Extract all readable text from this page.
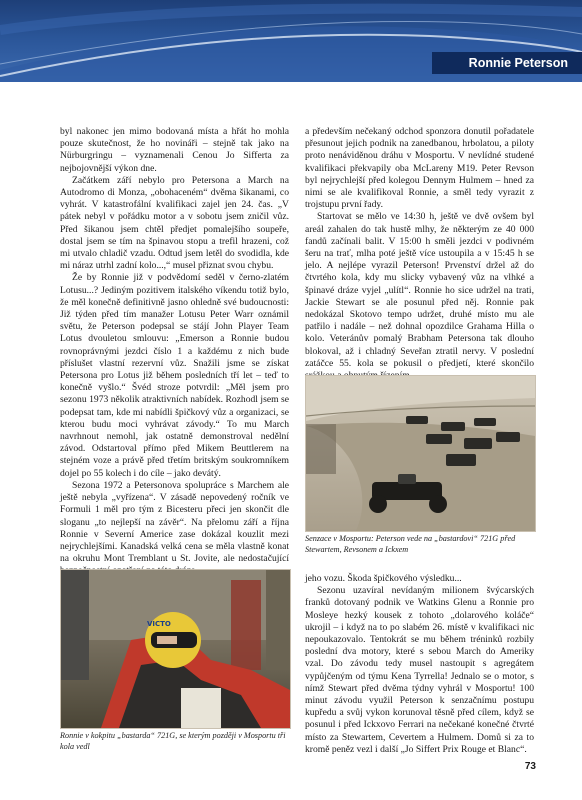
Ronnie Peterson

byl nakonec jen mimo bodovaná místa a hřát ho mohla pouze skutečnost, že ho novináři – stejně tak jako na Nürburgringu – vyznamenali Cenou Jo Sifferta za nejbojovnější výkon dne.

Začátkem září nebylo pro Petersona a March na Autodromo di Monza, „obohaceném“ dvěma šikanami, co vyhrát. V katastrofální kvalifikaci zajel jen 24. čas. „V pátek nebyl v pořádku motor a v sobotu jsem zničil vůz. Před šikanou jsem chtěl předjet pomalejšího soupeře, dostal jsem se tím na špinavou stopu a trefil hrazeni, což mi utvalo chladič vzadu. Odtud jsem letěl do svodidla, kde mi náraz utrhl zadní kolo...,“ musel přiznat svou chybu.

Že by Ronnie již v podvědomí seděl v černo-zlatém Lotusu...? Jediným pozitivem italského víkendu totiž bylo, že měl konečně definitivně jasno ohledně své budoucnosti: Již týden před tím manažer Lotusu Peter Warr oznámil světu, že Peterson podepsal se stájí John Player Team Lotus dvouletou smlouvu: „Emerson a Ronnie budou rovnoprávnými jezdci číslo 1 a každému z nich bude příslušet vlastní rezervní vůz. Snažili jsme se získat Petersona pro Lotus již během posledních tří let – teď to konečně vyšlo.“ Švéd stroze potvrdil: „Měl jsem pro sezonu 1973 několik atraktivních nabídek. Rozhodl jsem se podepsat tam, kde mi nabídli špičkový vůz a organizaci, se kterou budu moci vyhrávat závody.“ To mu March navrhnout nemohl, jak ostatně demonstroval nedělní závod. Odstartoval přímo před Mikem Beuttlerem na stejném voze a právě před třetím britským soukromníkem dojel po 55 kolech i do cíle – jako devátý.

Sezona 1972 a Petersonova spolupráce s Marchem ale ještě nebyla „vyřízena“. V zásadě nepovedený ročník ve Formuli 1 měl pro tým z Bicesteru přeci jen skončit dle sloganu „to nejlepší na závěr“. Na přelomu září a října Ronnie v Severní Americe zase dokázal kouzlit mezi nejrychlejšími. Kanadská velká cena se měla vlastně konat na okruhu Mont Tremblant u St. Jovite, ale nedostačující

a především nečekaný odchod sponzora donutil pořadatele přesunout jejich podnik na zanedbanou, hrbolatou, a piloty proto nenáviděnou dráhu v Mosportu. V nevlídné studené kvalifikaci překvapily oba McLareny M19. Peter Revson byl nejrychlejší před kolegou Dennym Hulmem – hned za nimi se ale kvalifikoval Ronnie, a směl tedy vyrazit z trojstupu první řady.

Startovat se mělo ve 14:30 h, ještě ve dvě ovšem byl areál zahalen do tak hustě mlhy, že některým ze 40 000 fandů začínali balit. V 15:00 h směli jezdci v podivném šeru na trať, mlha poté ještě více ustoupila a v 15:45 h se jelo. A nejlépe vyrazil Peterson! Prvenství držel až do čtvrtého kola, kdy mu slicky vybavený vůz na vlhké a špinavé dráze vyjel „ulítl“. Ronnie ho sice udržel na trati, Jackie Stewart se ale posunul před něj. Ronnie pak nedokázal Skotovo tempo udržet, druhé místo mu ale patřilo i nadále – než dohnal opozdilce Grahama Hilla o kolo. Veteránův pomalý Brabham Petersona tak dlouho blokoval, až i chladný Seveřan ztratil nervy. V poslední zatáčce 55. kola se pokusil o předjetí, které skončilo

Senzace v Mosportu: Peterson vede na „bastardovi“ 721G před Stewartem, Revsonem a Ickxem

jeho vozu. Škoda špičkového výsledku...

Sezonu uzavíral nevídaným milionem švýcarských franků dotovaný podnik ve Watkins Glenu a Ronnie pro Mosleye hezký kousek z tohoto „dolarového koláče“ ukrojil – i když na to po slabém 26. místě v kvalifikaci nic nepoukazovalo. Tentokrát se mu během tréninků rozbily poslední dva motory, které s sebou March do Ameriky vzal. Do závodu tedy musel nastoupit s agregátem vypůjčeným od týmu Kena Tyrrella! Jednalo se o motor, s nímž Stewart před dvěma týdny vyhrál v Mosportu! 100 minut závodu využil Peterson k senzačnímu postupu kupředu a svůj vykon korunoval těsně před cílem, když se posunul i před Ickxovo Ferrari na nečekané konečné čtvrté místo za Stewartem, Cevertem a Hulmem. Domů si za to kromě peněz vezl i další „Jo Siffert Prix Rouge et Blanc“.

VICTO
Ronnie v kokpitu „bastarda“ 721G, se kterým později v Mosportu tři kola vedl
73
